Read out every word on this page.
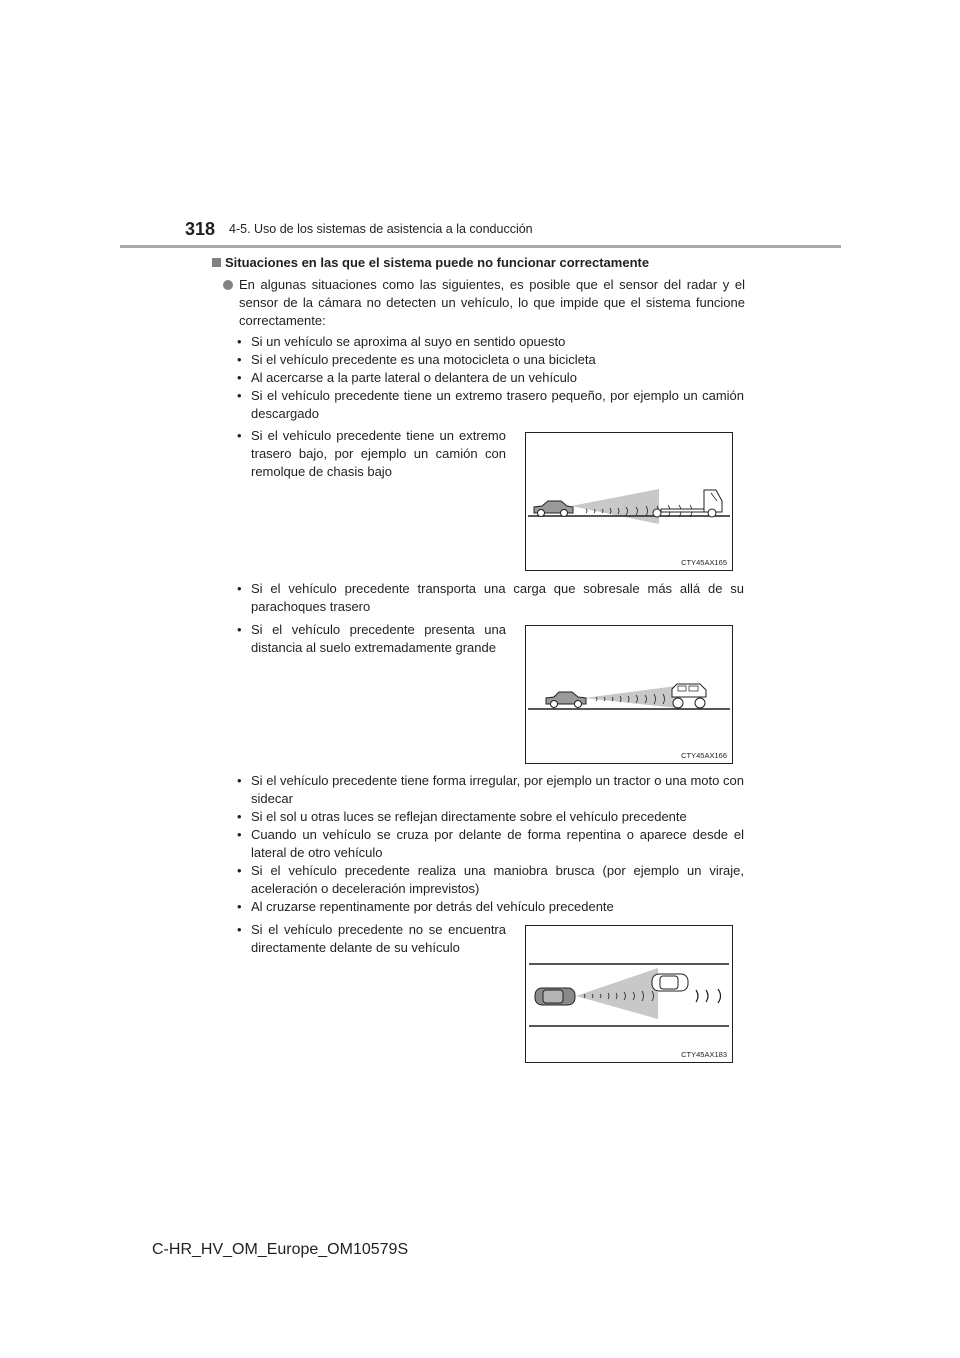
318 4-5. Uso de los sistemas de asistencia a la conducción
Situaciones en las que el sistema puede no funcionar correctamente
En algunas situaciones como las siguientes, es posible que el sensor del radar y el sensor de la cámara no detecten un vehículo, lo que impide que el sistema funcione correctamente:
• Si un vehículo se aproxima al suyo en sentido opuesto
• Si el vehículo precedente es una motocicleta o una bicicleta
• Al acercarse a la parte lateral o delantera de un vehículo
• Si el vehículo precedente tiene un extremo trasero pequeño, por ejemplo un camión descargado
• Si el vehículo precedente tiene un extremo trasero bajo, por ejemplo un camión con remolque de chasis bajo
CTY45AX165
• Si el vehículo precedente transporta una carga que sobresale más allá de su parachoques trasero
• Si el vehículo precedente presenta una distancia al suelo extremadamente grande
CTY45AX166
• Si el vehículo precedente tiene forma irregular, por ejemplo un tractor o una moto con sidecar
• Si el sol u otras luces se reflejan directamente sobre el vehículo precedente
• Cuando un vehículo se cruza por delante de forma repentina o aparece desde el lateral de otro vehículo
• Si el vehículo precedente realiza una maniobra brusca (por ejemplo un viraje, aceleración o deceleración imprevistos)
• Al cruzarse repentinamente por detrás del vehículo precedente
• Si el vehículo precedente no se encuentra directamente delante de su vehículo
CTY45AX183
C-HR_HV_OM_Europe_OM10579S
